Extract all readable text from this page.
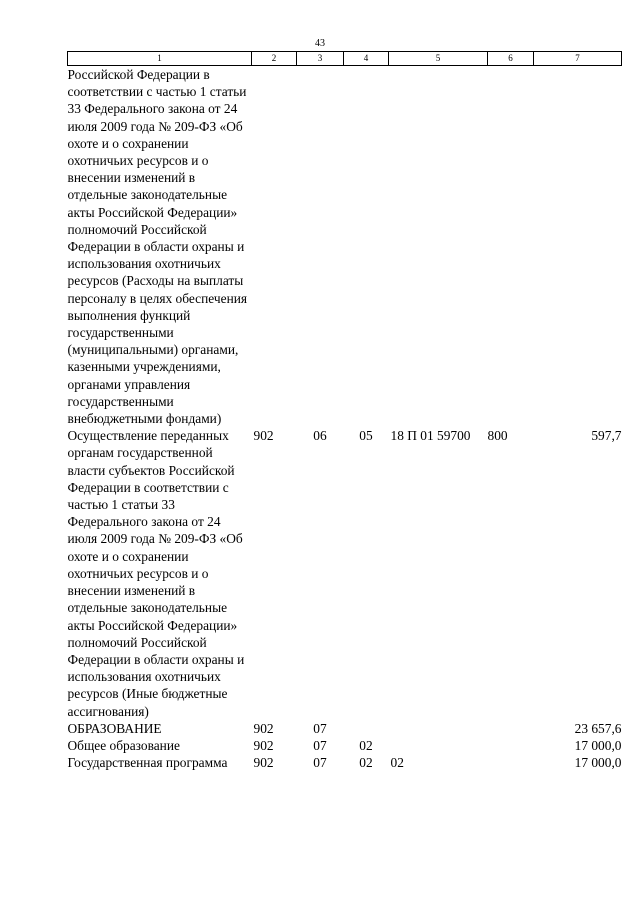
43
1	2	3	4	5	6	7
Российской Федерации в соответствии с частью 1 статьи 33 Федерального закона от 24 июля 2009 года № 209-ФЗ «Об охоте и о сохранении охотничьих ресурсов и о внесении изменений в отдельные законодательные акты Российской Федерации» полномочий Российской Федерации в области охраны и использования охотничьих ресурсов (Расходы на выплаты персоналу в целях обеспечения выполнения функций государственными (муниципальными) органами, казенными учреждениями, органами управления государственными внебюджетными фондами)						
Осуществление переданных органам государственной власти субъектов Российской Федерации в соответствии с частью 1 статьи 33 Федерального закона от 24 июля 2009 года № 209-ФЗ «Об охоте и о сохранении охотничьих ресурсов и о внесении изменений в отдельные законодательные акты Российской Федерации» полномочий Российской Федерации в области охраны и использования охотничьих ресурсов (Иные бюджетные ассигнования)	902	06	05	18 П 01 59700	800	597,7
ОБРАЗОВАНИЕ	902	07				23 657,6
Общее образование	902	07	02			17 000,0
Государственная программа	902	07	02	02		17 000,0
